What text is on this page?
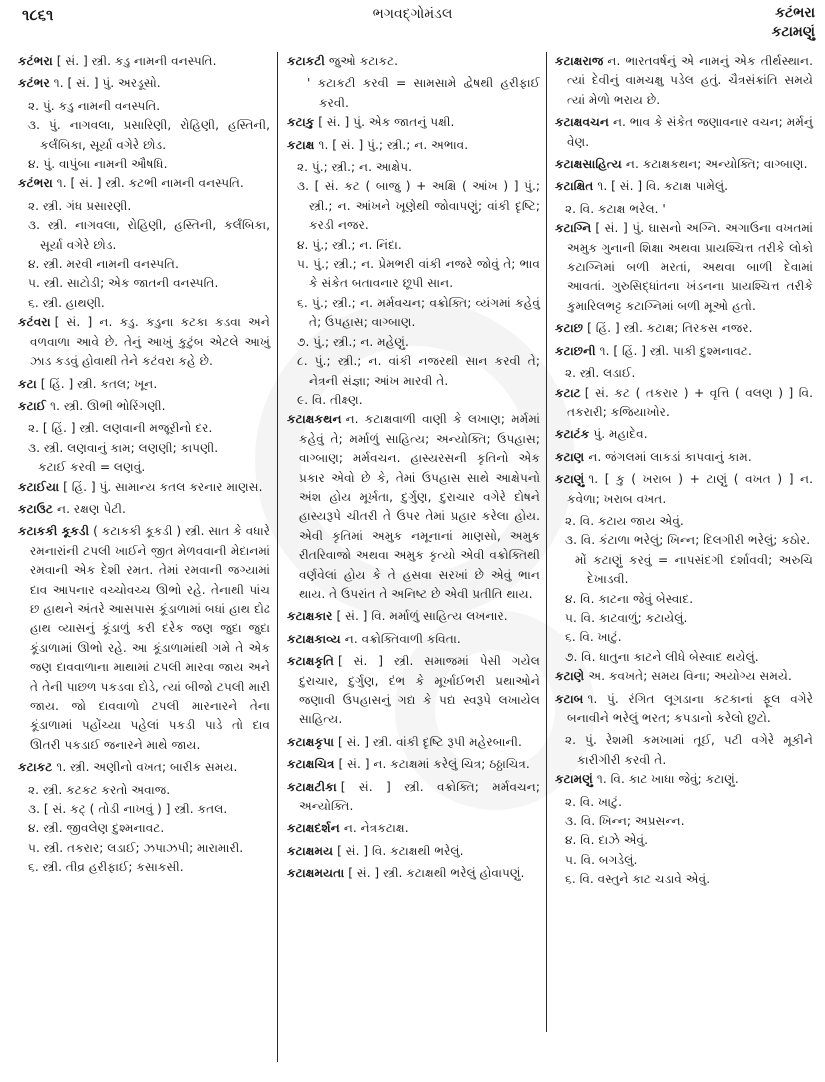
૧૮૬૧	ભગવદ્ગોમંડલ	કટંભરા
કટામણું
કટંભરા [ સં. ] સ્ત્રી. કડુ નામની વનસ્પતિ.
કટંભર ૧. [ સં. ] પું. અરડૂસો.
૨. પું. કડુ નામની વનસ્પતિ.
૩. પું. નાગવલા, પ્રસારિણી, રોહિણી, હસ્તિની, કર્લંબિકા, સૂર્યા વગેરે છોડ.
૪. પું. વાપુંબા નામની ઔષધિ.
કટંભરા ૧. [ સં. ] સ્ત્રી. કટભી નામની વનસ્પતિ.
૨. સ્ત્રી. ગંધ પ્રસારણી.
૩. સ્ત્રી. નાગવલા, રોહિણી, હસ્તિની, કર્લંબિકા, સૂર્યા વગેરે છોડ.
૪. સ્ત્રી. મરવી નામની વનસ્પતિ.
૫. સ્ત્રી. સાટોડી; એક જાતની વનસ્પતિ.
૬. સ્ત્રી. હાથણી.
કટંવરા [ સં. ] ન. કડુ. કડુના કટકા કડવા અને વળવાળા આવે છે. તેનું આખું કુટુંબ એટલે આખું ઝાડ કડવું હોવાથી તેને કટંવરા કહે છે.
કટા [ હિં. ] સ્ત્રી. કતલ; ખૂન.
કટાઈ ૧. સ્ત્રી. ઊભી ભોરિંગણી.
૨. [ હિં. ] સ્ત્રી. લણવાની મજૂરીનો દર.
૩. સ્ત્રી. લણવાનું કામ; લણણી; કાપણી.
કટાઈ કરવી = લણવું.
કટાઈયા [ હિં. ] પું. સામાન્ય કતલ કરનાર માણસ.
કટાઉટ ન. રક્ષણ પેટી.
કટાકકી કૂકડી ( કટાકકી કૂકડી ) સ્ત્રી. સાત કે વધારે રમનારાંની ટપલી ખાઈને જીત મેળવવાની મેદાનમાં રમવાની એક દેશી રમત. તેમાં રમવાની જગ્યામાં દાવ આપનાર વચ્ચોવચ્ચ ઊભો રહે. તેનાથી પાંચ છ હાથને અંતરે આસપાસ કૂંડાળામાં બધાં હાથ દોઢ હાથ વ્યાસનું કૂંડાળું કરી દરેક જણ જુદા જુદા કૂંડાળામાં ઊભો રહે. આ કૂંડાળામાંથી ગમે તે એક જણ દાવવાળાના માથામાં ટપલી મારવા જાય અને તે તેની પાછળ પકડવા દોડે, ત્યાં બીજો ટપલી મારી જાય. જો દાવવાળો ટપલી મારનારને તેના કૂંડાળામાં પહોંચ્યા પહેલાં પકડી પાડે તો દાવ ઊતરી પકડાઈ જનારને માથે જાય.
કટાકટ ૧. સ્ત્રી. અણીનો વખત; બારીક સમય.
૨. સ્ત્રી. કટકટ કરતો અવાજ.
૩. [ સં. કટ્ ( તોડી નાખવું ) ] સ્ત્રી. કતલ.
૪. સ્ત્રી. જીવલેણ દુશ્મનાવટ.
૫. સ્ત્રી. તકરાર; લડાઈ; ઝપાઝપી; મારામારી.
૬. સ્ત્રી. તીવ્ર હરીફાઈ; કસાકસી.
કટાકટી જુઓ કટાકટ.
' કટાકટી કરવી = સામસામે દ્વેષથી હરીફાઈ કરવી.
કટાકુ [ સં. ] પું. એક જાતનું પક્ષી.
કટાક્ષ ૧. [ સં. ] પું.; સ્ત્રી.; ન. અભાવ.
૨. પું.; સ્ત્રી.; ન. આક્ષેપ.
૩. [ સં. કટ ( બાજુ ) + અક્ષિ ( આંખ ) ] પું.; સ્ત્રી.; ન. આંખને ખૂણેથી જોવાપણું; વાંકી દૃષ્ટિ; કરડી નજર.
૪. પું.; સ્ત્રી.; ન. નિંદા.
૫. પું.; સ્ત્રી.; ન. પ્રેમભરી વાંકી નજરે જોવું તે; ભાવ કે સંકેત બતાવનાર છૂપી સાન.
૬. પું.; સ્ત્રી.; ન. મર્મવચન; વક્રોક્તિ; વ્યંગમાં કહેવું તે; ઉપહાસ; વાગ્બાણ.
૭. પું.; સ્ત્રી.; ન. મહેણું.
૮. પું.; સ્ત્રી.; ન. વાંકી નજરથી સાન કરવી તે; નેત્રની સંજ્ઞા; આંખ મારવી તે.
૯. વિ. તીક્ષ્ણ.
કટાક્ષકથન ન. કટાક્ષવાળી વાણી કે લખાણ; મર્મમાં કહેવું તે; મર્માળું સાહિત્ય; અન્યોક્તિ; ઉપહાસ; વાગ્બાણ; મર્મવચન. હાસ્યરસની કૃતિનો એક પ્રકાર એવો છે કે, તેમાં ઉપહાસ સાથે આક્ષેપનો અંશ હોય મૂર્ખતા, દુર્ગુણ, દુરાચાર વગેરે દોષને હાસ્યરૂપે ચીતરી તે ઉપર તેમાં પ્રહાર કરેલા હોય. એવી કૃતિમાં અમુક નમૂનાનાં માણસો, અમુક રીતરિવાજો અથવા અમુક કૃત્યો એવી વક્રોક્તિથી વર્ણવેલાં હોય કે તે હસવા સરખાં છે એવું ભાન થાય. તે ઉપરાંત તે અનિષ્ટ છે એવી પ્રતીતિ થાય.
કટાક્ષકાર [ સં. ] વિ. મર્માળું સાહિત્ય લખનાર.
કટાક્ષકાવ્ય ન. વક્રોક્તિવાળી કવિતા.
કટાક્ષકૃતિ [ સં. ] સ્ત્રી. સમાજમાં પેસી ગયેલ દુરાચાર, દુર્ગુણ, દંભ કે મૂર્ખાઈભરી પ્રથાઓને જણાવી ઉપહાસનું ગદ્ય કે પદ્ય સ્વરૂપે લખાયેલ સાહિત્ય.
કટાક્ષકૃપા [ સં. ] સ્ત્રી. વાંકી દૃષ્ટિ રૂપી મહેરબાની.
કટાક્ષચિત્ર [ સં. ] ન. કટાક્ષમાં કરેલું ચિત્ર; ઠઠ્ઠાચિત્ર.
કટાક્ષટીકા [ સં. ] સ્ત્રી. વક્રોક્તિ; મર્મવચન; અન્યોક્તિ.
કટાક્ષદર્શન ન. નેત્રકટાક્ષ.
કટાક્ષમય [ સં. ] વિ. કટાક્ષથી ભરેલું.
કટાક્ષમયતા [ સં. ] સ્ત્રી. કટાક્ષથી ભરેલું હોવાપણું.
કટાક્ષરાજ ન. ભારતવર્ષનું એ નામનું એક તીર્થસ્થાન. ત્યાં દેવીનું વામચક્ષુ પડેલ હતું. ચૈત્રસંક્રાંતિ સમયે ત્યાં મેળો ભરાય છે.
કટાક્ષવચન ન. ભાવ કે સંકેત જણાવનાર વચન; મર્મનું વેણ.
કટાક્ષસાહિત્ય ન. કટાક્ષકથન; અન્યોક્તિ; વાગ્બાણ.
કટાક્ષિત ૧. [ સં. ] વિ. કટાક્ષ પામેલું.
૨. વિ. કટાક્ષ ભરેલ. '
કટાગ્નિ [ સં. ] પું. ઘાસનો અગ્નિ. અગાઉના વખતમાં અમુક ગુનાની શિક્ષા અથવા પ્રાયશ્ચિત્ત તરીકે લોકો કટાગ્નિમાં બળી મરતાં, અથવા બાળી દેવામાં આવતાં. ગુરુસિદ્ધાંતના ખંડનના પ્રાયશ્ચિત્ત તરીકે કુમારિલભટ્ટ કટાગ્નિમાં બળી મૂઓ હતો.
કટાછ [ હિં. ] સ્ત્રી. કટાક્ષ; તિરકસ નજર.
કટાછની ૧. [ હિં. ] સ્ત્રી. પાકી દુશ્મનાવટ.
૨. સ્ત્રી. લડાઈ.
કટાટ [ સં. કટ ( તકરાર ) + વૃત્તિ ( વલણ ) ] વિ. તકરારી; કજિયાખોર.
કટાટંક પું. મહાદેવ.
કટાણ ન. જંગલમાં લાકડાં કાપવાનું કામ.
કટાણું ૧. [ કુ ( ખરાબ ) + ટાણું ( વખત ) ] ન. કવેળા; ખરાબ વખત.
૨. વિ. કટાય જાય એવું.
૩. વિ. કંટાળા ભરેલું; ખિન્ન; દિલગીરી ભરેલું; કઠોર.
મોં કટાણું કરવું = નાપસંદગી દર્શાવવી; અરુચિ દેખાડવી.
૪. વિ. કાટના જેવું બેસ્વાદ.
૫. વિ. કાટવાળું; કટાયેલું.
૬. વિ. ખાટું.
૭. વિ. ધાતુના કાટને લીધે બેસ્વાદ થયેલું.
કટાણે અ. કવખતે; સમય વિના; અયોગ્ય સમયે.
કટાબ ૧. પું. રંગિત લૂગડાના કટકાનાં ફૂલ વગેરે બનાવીને ભરેલું ભરત; કપડાનો કરેલો છુટો.
૨. પું. રેશમી કમખામાં તૂઈ, પટી વગેરે મૂકીને કારીગીરી કરવી તે.
કટામણું ૧. વિ. કાટ ખાધા જેવું; કટાણું.
૨. વિ. ખાટું.
૩. વિ. ખિન્ન; અપ્રસન્ન.
૪. વિ. દાઝે એવું.
૫. વિ. બગડેલું.
૬. વિ. વસ્તુને કાટ ચડાવે એવું.
